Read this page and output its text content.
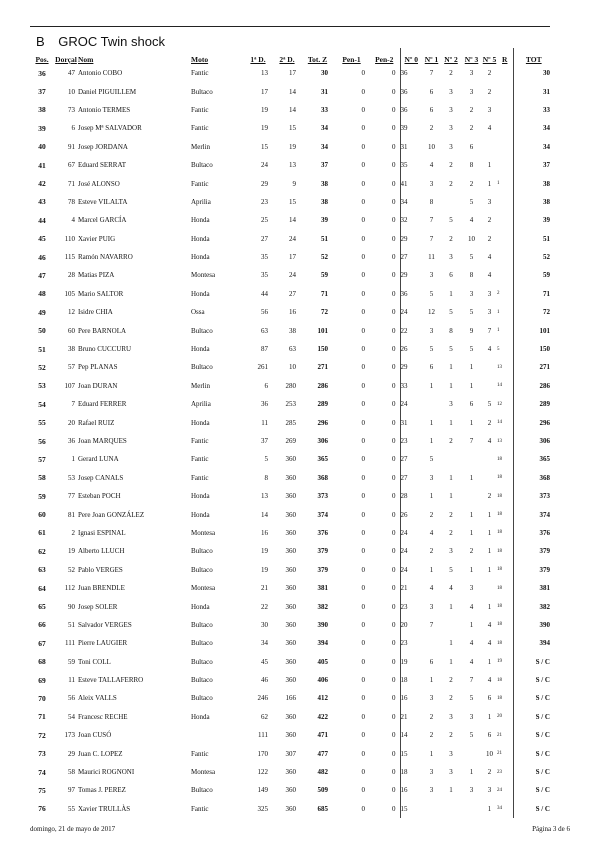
B GROC Twin shock
Pos.	Dorçal	Nom	Moto	1ª D.	2ª D.	Tot. Z	Pen-1	Pen-2	Nº 0	Nº 1	Nº 2	Nº 3	Nº 5	R	TOT
36	47	Antonio COBO	Fantic	13	17	30	0	0	36	7	2	3	2		30
37	10	Daniel PIGUILLEM	Bultaco	17	14	31	0	0	36	6	3	3	2		31
38	73	Antonio TERMES	Fantic	19	14	33	0	0	36	6	3	2	3		33
39	6	Josep Mª SALVADOR	Fantic	19	15	34	0	0	39	2	3	2	4		34
40	91	Josep JORDANA	Merlin	15	19	34	0	0	31	10	3	6			34
41	67	Eduard SERRAT	Bultaco	24	13	37	0	0	35	4	2	8	1		37
42	71	José ALONSO	Fantic	29	9	38	0	0	41	3	2	2	1	1	38
43	78	Esteve VILALTA	Aprilia	23	15	38	0	0	34	8		5	3		38
44	4	Marcel GARCÍA	Honda	25	14	39	0	0	32	7	5	4	2		39
45	110	Xavier PUIG	Honda	27	24	51	0	0	29	7	2	10	2		51
46	115	Ramón NAVARRO	Honda	35	17	52	0	0	27	11	3	5	4		52
47	28	Matias PIZA	Montesa	35	24	59	0	0	29	3	6	8	4		59
48	105	Mario SALTOR	Honda	44	27	71	0	0	36	5	1	3	3	2	71
49	12	Isidre CHIA	Ossa	56	16	72	0	0	24	12	5	5	3	1	72
50	60	Pere BARNOLA	Bultaco	63	38	101	0	0	22	3	8	9	7	1	101
51	38	Bruno CUCCURU	Honda	87	63	150	0	0	26	5	5	5	4	5	150
52	57	Pep PLANAS	Bultaco	261	10	271	0	0	29	6	1	1		13	271
53	107	Joan DURAN	Merlin	6	280	286	0	0	33	1	1	1		14	286
54	7	Eduard FERRER	Aprilia	36	253	289	0	0	24		3	6	5	12	289
55	20	Rafael RUIZ	Honda	11	285	296	0	0	31	1	1	1	2	14	296
56	36	Joan MARQUES	Fantic	37	269	306	0	0	23	1	2	7	4	13	306
57	1	Gerard LUNA	Fantic	5	360	365	0	0	27	5				18	365
58	53	Josep CANALS	Fantic	8	360	368	0	0	27	3	1	1		18	368
59	77	Esteban POCH	Honda	13	360	373	0	0	28	1	1		2	18	373
60	81	Pere Joan GONZÁLEZ	Honda	14	360	374	0	0	26	2	2	1	1	18	374
61	2	Ignasi ESPINAL	Montesa	16	360	376	0	0	24	4	2	1	1	18	376
62	19	Alberto LLUCH	Bultaco	19	360	379	0	0	24	2	3	2	1	18	379
63	52	Pablo VERGES	Bultaco	19	360	379	0	0	24	1	5	1	1	18	379
64	112	Juan BRENDLE	Montesa	21	360	381	0	0	21	4	4	3		18	381
65	90	Josep SOLER	Honda	22	360	382	0	0	23	3	1	4	1	18	382
66	51	Salvador VERGES	Bultaco	30	360	390	0	0	20	7		1	4	18	390
67	111	Pierre LAUGIER	Bultaco	34	360	394	0	0	23		1	4	4	18	394
68	59	Toni COLL	Bultaco	45	360	405	0	0	19	6	1	4	1	19	S / C
69	11	Esteve TALLAFERRO	Bultaco	46	360	406	0	0	18	1	2	7	4	18	S / C
70	56	Aleix VALLS	Bultaco	246	166	412	0	0	16	3	2	5	6	18	S / C
71	54	Francesc RECHE	Honda	62	360	422	0	0	21	2	3	3	1	20	S / C
72	173	Joan CUSÓ		111	360	471	0	0	14	2	2	5	6	21	S / C
73	29	Juan C. LOPEZ	Fantic	170	307	477	0	0	15	1	3		10	21	S / C
74	58	Maurici ROGNONI	Montesa	122	360	482	0	0	18	3	3	1	2	23	S / C
75	97	Tomas J. PEREZ	Bultaco	149	360	509	0	0	16	3	1	3	3	24	S / C
76	55	Xavier TRULLÀS	Fantic	325	360	685	0	0	15				1	34	S / C
domingo, 21 de mayo de 2017	Página 3 de 6
